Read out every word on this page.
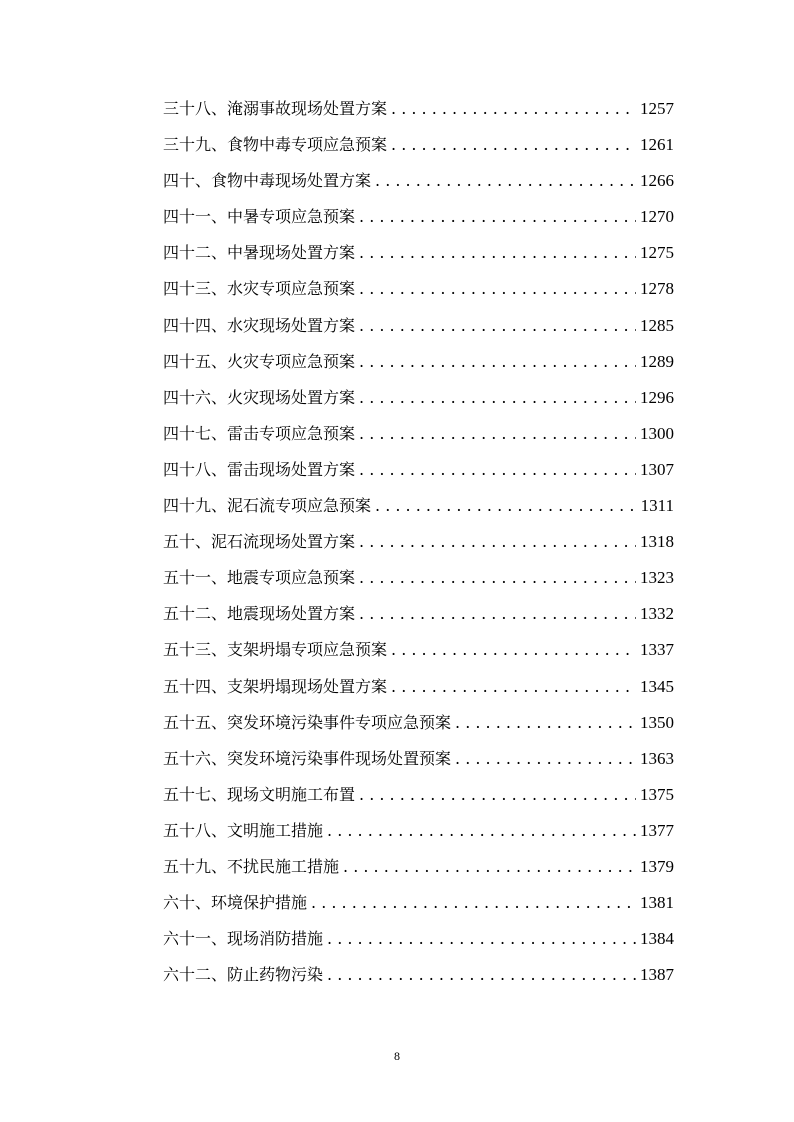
三十八、淹溺事故现场处置方案 . . .	1257
三十九、食物中毒专项应急预案 . . .	1261
四十、食物中毒现场处置方案 . . .	1266
四十一、中暑专项应急预案 . . .	1270
四十二、中暑现场处置方案 . . .	1275
四十三、水灾专项应急预案 . . .	1278
四十四、水灾现场处置方案 . . .	1285
四十五、火灾专项应急预案 . . .	1289
四十六、火灾现场处置方案 . . .	1296
四十七、雷击专项应急预案 . . .	1300
四十八、雷击现场处置方案 . . .	1307
四十九、泥石流专项应急预案 . . .	1311
五十、泥石流现场处置方案 . . .	1318
五十一、地震专项应急预案 . . .	1323
五十二、地震现场处置方案 . . .	1332
五十三、支架坍塌专项应急预案 . . .	1337
五十四、支架坍塌现场处置方案 . . .	1345
五十五、突发环境污染事件专项应急预案 . . .	1350
五十六、突发环境污染事件现场处置预案 . . .	1363
五十七、现场文明施工布置 . . .	1375
五十八、文明施工措施 . . .	1377
五十九、不扰民施工措施 . . .	1379
六十、环境保护措施 . . .	1381
六十一、现场消防措施 . . .	1384
六十二、防止药物污染 . . .	1387
8
